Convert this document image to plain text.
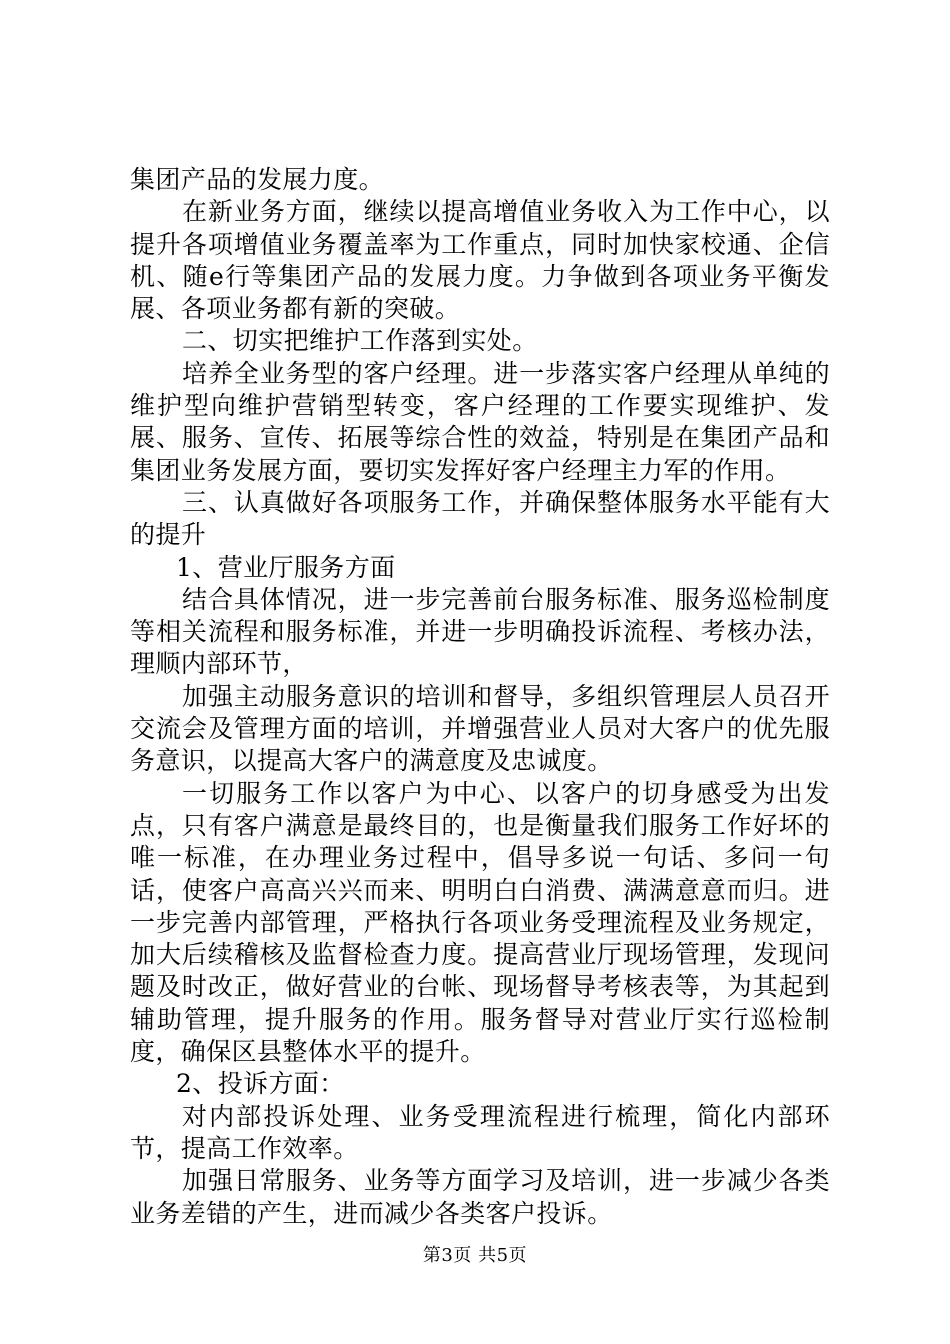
集团产品的发展力度。

在新业务方面，继续以提高增值业务收入为工作中心，以提升各项增值业务覆盖率为工作重点，同时加快家校通、企信机、随e行等集团产品的发展力度。力争做到各项业务平衡发展、各项业务都有新的突破。

二、切实把维护工作落到实处。

培养全业务型的客户经理。进一步落实客户经理从单纯的维护型向维护营销型转变，客户经理的工作要实现维护、发展、服务、宣传、拓展等综合性的效益，特别是在集团产品和集团业务发展方面，要切实发挥好客户经理主力军的作用。

三、认真做好各项服务工作，并确保整体服务水平能有大的提升

1、营业厅服务方面

结合具体情况，进一步完善前台服务标准、服务巡检制度等相关流程和服务标准，并进一步明确投诉流程、考核办法，理顺内部环节，

加强主动服务意识的培训和督导，多组织管理层人员召开交流会及管理方面的培训，并增强营业人员对大客户的优先服务意识，以提高大客户的满意度及忠诚度。

一切服务工作以客户为中心、以客户的切身感受为出发点，只有客户满意是最终目的，也是衡量我们服务工作好坏的唯一标准，在办理业务过程中，倡导多说一句话、多问一句话，使客户高高兴兴而来、明明白白消费、满满意意而归。进一步完善内部管理，严格执行各项业务受理流程及业务规定，加大后续稽核及监督检查力度。提高营业厅现场管理，发现问题及时改正，做好营业的台帐、现场督导考核表等，为其起到辅助管理，提升服务的作用。服务督导对营业厅实行巡检制度，确保区县整体水平的提升。

2、投诉方面：

对内部投诉处理、业务受理流程进行梳理，简化内部环节，提高工作效率。

加强日常服务、业务等方面学习及培训，进一步减少各类业务差错的产生，进而减少各类客户投诉。

第3页 共5页
